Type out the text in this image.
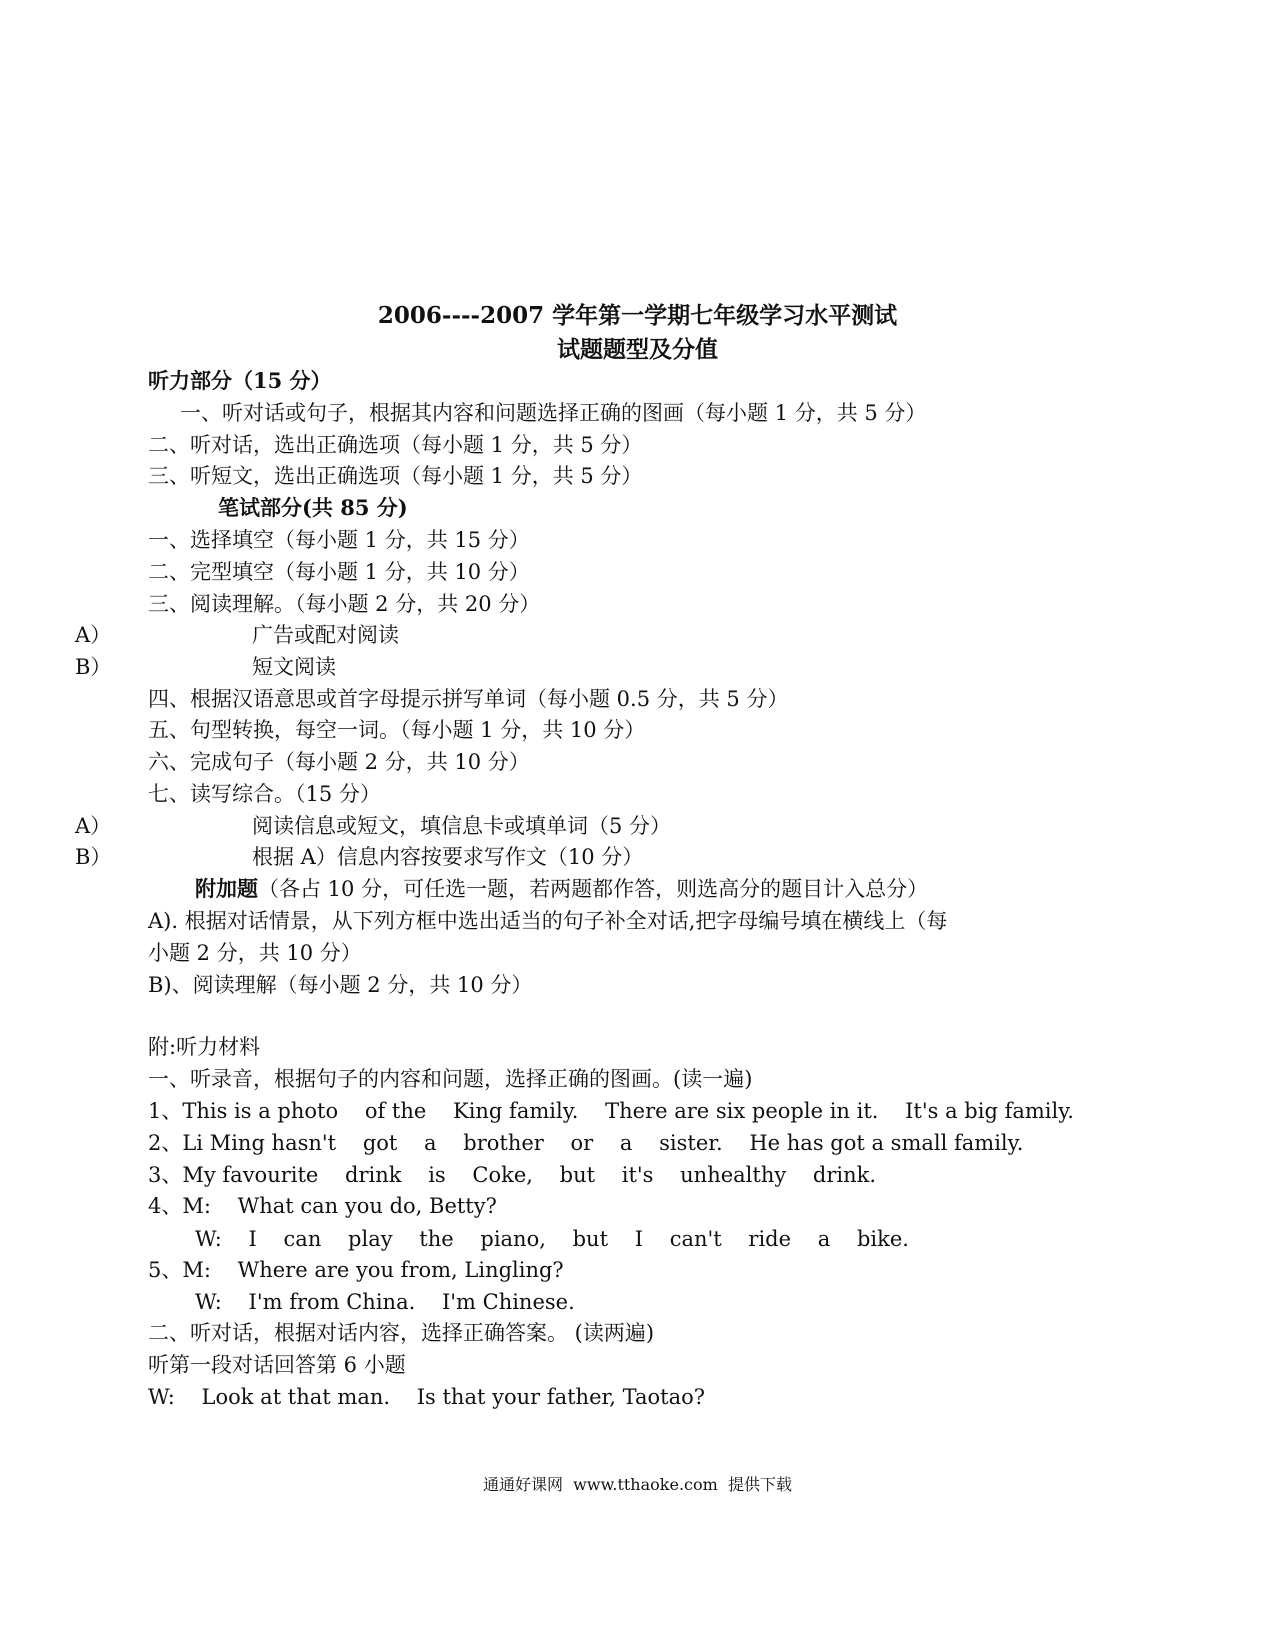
2006----2007 学年第一学期七年级学习水平测试
试题题型及分值
听力部分（15 分）
一、听对话或句子，根据其内容和问题选择正确的图画（每小题 1 分，共 5 分）
二、听对话，选出正确选项（每小题 1 分，共 5 分）
三、听短文，选出正确选项（每小题 1 分，共 5 分）
笔试部分(共 85 分)
一、选择填空（每小题 1 分，共 15 分）
二、完型填空（每小题 1 分，共 10 分）
三、阅读理解。（每小题 2 分，共 20 分）
A）	广告或配对阅读
B）	短文阅读
四、根据汉语意思或首字母提示拼写单词（每小题 0.5 分，共 5 分）
五、句型转换，每空一词。（每小题 1 分，共 10 分）
六、完成句子（每小题 2 分，共 10 分）
七、读写综合。（15 分）
A）	阅读信息或短文，填信息卡或填单词（5 分）
B）	根据 A）信息内容按要求写作文（10 分）
附加题（各占 10 分，可任选一题，若两题都作答，则选高分的题目计入总分）
A). 根据对话情景，从下列方框中选出适当的句子补全对话,把字母编号填在横线上（每
小题 2 分，共 10 分）
B)、阅读理解（每小题 2 分，共 10 分）
附:听力材料
一、听录音，根据句子的内容和问题，选择正确的图画。(读一遍)
1、This is a photo    of the    King family.    There are six people in it.    It's a big family.
2、Li Ming hasn't    got    a    brother    or    a    sister.    He has got a small family.
3、My favourite    drink    is    Coke,    but    it's    unhealthy    drink.
4、M:    What can you do, Betty?
W:    I    can    play    the    piano,    but    I    can't    ride    a    bike.
5、M:    Where are you from, Lingling?
W:    I'm from China.    I'm Chinese.
二、听对话，根据对话内容，选择正确答案。 (读两遍)
听第一段对话回答第 6 小题
W:    Look at that man.    Is that your father, Taotao?
通通好课网  www.tthaoke.com  提供下载
